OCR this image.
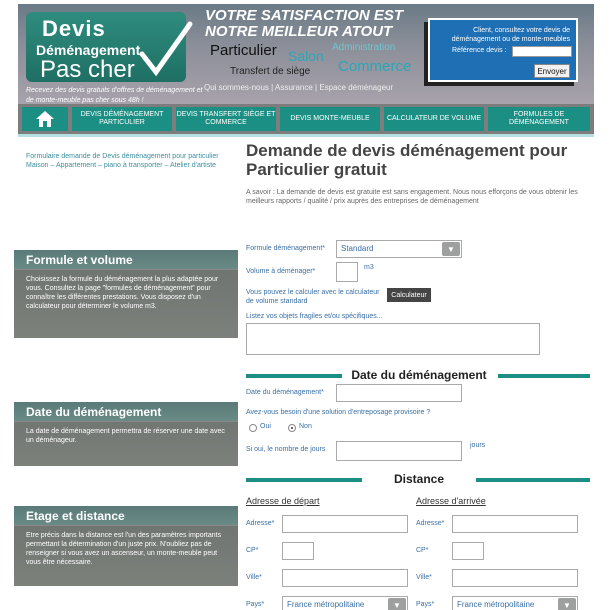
Devis
Déménagement
Pas cher
Recevez des devis gratuits d'offres de déménagement et de monte-meuble pas cher sous 48h !
VOTRE SATISFACTION EST
NOTRE MEILLEUR ATOUT
Particulier Salon
Administration
Commerce
Transfert de siège
Qui sommes-nous | Assurance | Espace déménageur
Client, consultez votre devis de déménagement ou de monte-meubles
Référence devis :
Envoyer
DEVIS DÉMÉNAGEMENT PARTICULIER
DEVIS TRANSFERT SIÈGE ET COMMERCE
DEVIS MONTE-MEUBLE	CALCULATEUR DE VOLUME
FORMULES DE DÉMÉNAGEMENT
Formulaire demande de Devis déménagement pour particulier Maison – Appartement – piano à transporter – Atelier d'artiste
Formule et volume
Choisissez la formule du déménagement la plus adaptée pour vous. Consultez la page "formules de déménagement" pour connaître les différentes prestations. Vous disposez d'un calculateur pour déterminer le volume m3.
Date du déménagement
La date de déménagement permettra de réserver une date avec un déménageur.
Etage et distance
Etre précis dans la distance est l'un des paramètres importants permettant la détermination d'un juste prix. N'oubliez pas de renseigner si vous avez un ascenseur, un monte-meuble peut vous être nécessaire.
Demande de devis déménagement pour Particulier gratuit
A savoir : La demande de devis est gratuite est sans engagement. Nous nous efforçons de vous obtenir les meilleurs rapports / qualité / prix auprès des entreprises de déménagement
Formule déménagement*	Standard	▼
Volume à déménager*
m3
Vous pouvez le calculer avec le calculateur de volume standard
Calculateur
Listez vos objets fragiles et/ou spécifiques...
Date du déménagement
Date du déménagement*
Avez-vous besoin d'une solution d'entreposage provisoire ?
Oui	Non
Si oui, le nombre de jours
jours
Distance
Adresse de départ
Adresse*
CP*
Ville*
Pays*	France métropolitaine	▼
Adresse d'arrivée
Adresse*
CP*
Ville*
Pays*	France métropolitaine	▼
